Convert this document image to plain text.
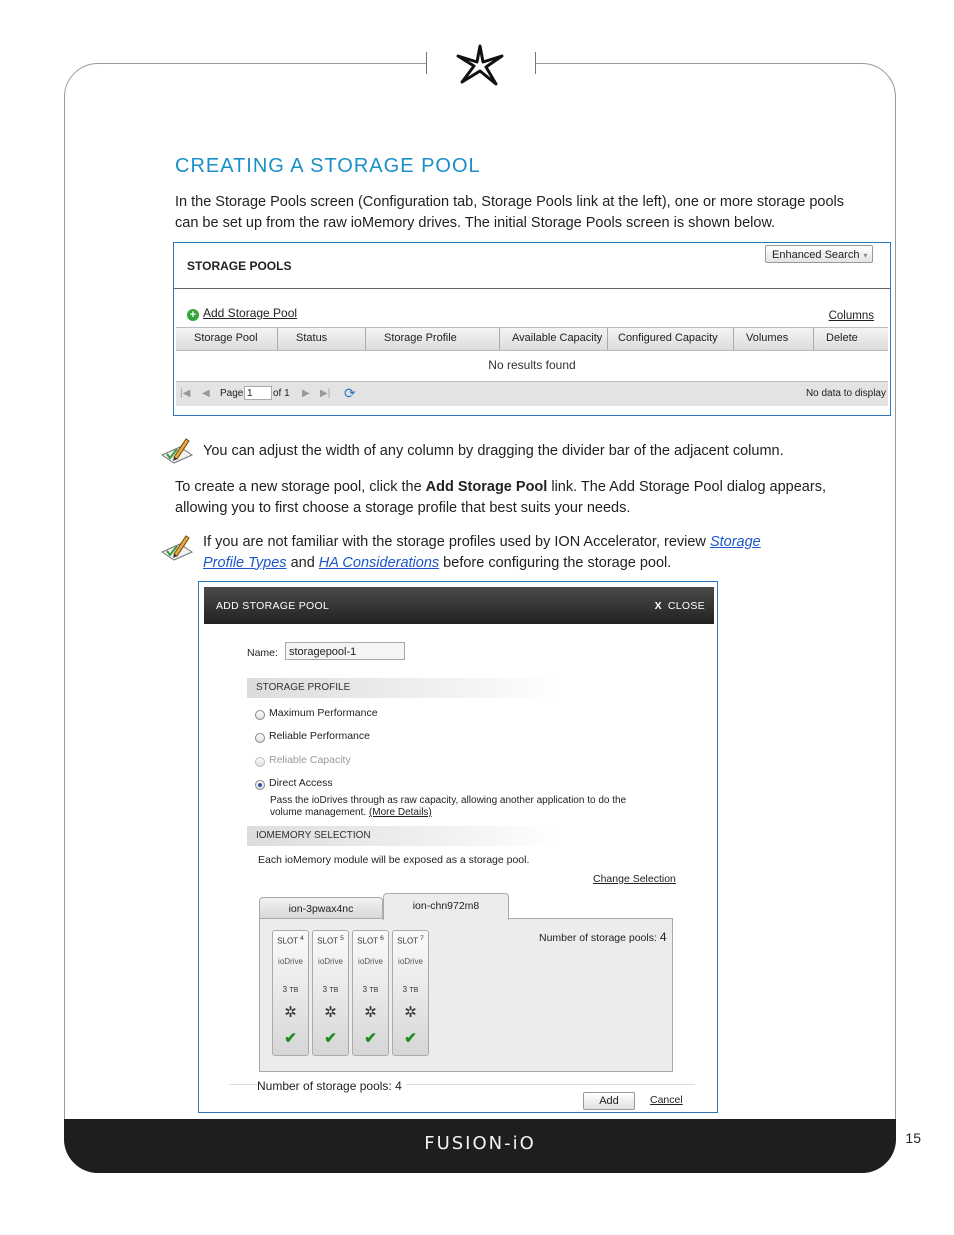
CREATING A STORAGE POOL
In the Storage Pools screen (Configuration tab, Storage Pools link at the left), one or more storage pools can be set up from the raw ioMemory drives. The initial Storage Pools screen is shown below.
STORAGE POOLS
Enhanced Search ▾
+ Add Storage Pool	Columns
Storage Pool	Status	Storage Profile	Available Capacity	Configured Capacity	Volumes	Delete
No results found
|◀ ◀ Page 1	of 1 ▶ ▶| ⟳	No data to display
You can adjust the width of any column by dragging the divider bar of the adjacent column.
To create a new storage pool, click the Add Storage Pool link. The Add Storage Pool dialog appears, allowing you to first choose a storage profile that best suits your needs.
If you are not familiar with the storage profiles used by ION Accelerator, review Storage Profile Types and HA Considerations before configuring the storage pool.
ADD STORAGE POOL	X CLOSE
Name:	storagepool-1
STORAGE PROFILE
Maximum Performance
Reliable Performance
Reliable Capacity
Direct Access
Pass the ioDrives through as raw capacity, allowing another application to do the
volume management. (More Details)
IOMEMORY SELECTION
Each ioMemory module will be exposed as a storage pool.
Change Selection
ion-3pwax4nc	ion-chn972m8
Number of storage pools: 4
SLOT $^4$
ioDrive
3 TB
✲
✔
SLOT $^5$
ioDrive
3 TB
✲
✔
SLOT $^6$
ioDrive
3 TB
✲
✔
SLOT $^7$
ioDrive
3 TB
✲
✔
Number of storage pools: 4
Add	Cancel
FUSION-iO	15
